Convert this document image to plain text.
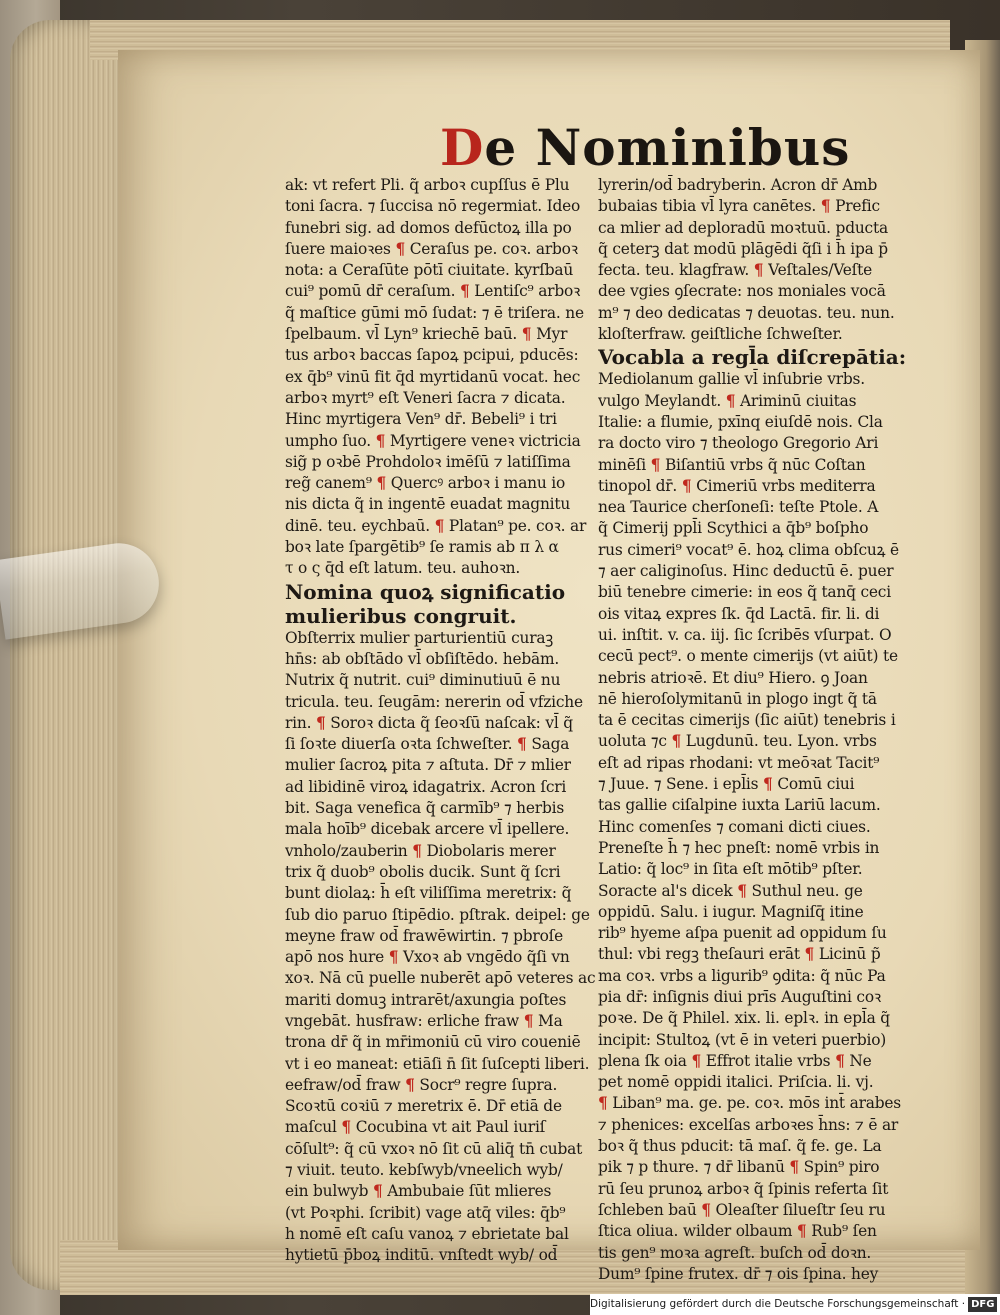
De Nominibus
ak: vt refert Pli. q̃ arboꝛ cupſſus ē Plu
toni ſacra. ⁊ ſuccisa nō regermiat. Ideo
funebri sig. ad domos defūctoꝝ illa po
ſuere maioꝛes ¶ Ceraſus pe. coꝛ. arboꝛ
nota: a Ceraſūte pōtī ciuitate. kyrſbaū
cui⁹ pomū dr̄ ceraſum. ¶ Lentiſc⁹ arboꝛ
q̃ maſtice gūmi mō ſudat: ⁊ ē triſera. ne
ſpelbaum. vl̄ Lyn⁹ kriechē baū. ¶ Myr
tus arboꝛ baccas ſapoꝝ pcipui, pducēs:
ex q̄b⁹ vinū fit q̄d myrtidanū vocat. hec
arboꝛ myrt⁹ eſt Veneri ſacra ⁊ dicata.
Hinc myrtigera Ven⁹ dr̄. Bebeli⁹ i tri
umpho ſuo. ¶ Myrtigere veneꝛ victricia
sig̃ p oꝛbē Prohdoloꝛ imēſū ⁊ latiſſima
reg̃ canem⁹ ¶ Quercꝰ arboꝛ i manu io
nis dicta q̃ in ingentē euadat magnitu
dinē. teu. eychbaū. ¶ Platan⁹ pe. coꝛ. ar
boꝛ late ſpargētib⁹ ſe ramis ab π λ α
τ ο ς q̄d eſt latum. teu. auhoꝛn.
Nomina quoꝝ significatio
mulieribus congruit.
Obſterrix mulier parturientiū curaꝫ
hn̄s: ab obſtādo vl̄ obſiſtēdo. hebām.
Nutrix q̃ nutrit. cui⁹ diminutiuū ē nu
tricula. teu. ſeugām: nererin od̄ vfziche
rin. ¶ Soroꝛ dicta q̃ ſeoꝛſū naſcak: vl̄ q̃
ſi ſoꝛte diuerſa oꝛta ſchweſter. ¶ Saga
mulier ſacroꝝ pita ⁊ aſtuta. Dr̄ ⁊ mlier
ad libidinē viroꝝ idagatrix. Acron ſcri
bit. Saga venefica q̃ carmīb⁹ ⁊ herbis
mala hoīb⁹ dicebak arcere vl̄ ipellere.
vnholo/zauberin ¶ Diobolaris merer
trix q̃ duob⁹ obolis ducik. Sunt q̃ ſcri
bunt diolaꝝ: h̄ eſt viliſſima meretrix: q̃
ſub dio paruo ſtipēdio. pſtrak. deipel: ge
meyne fraw od̄ frawēwirtin. ⁊ pbroſe
apō nos hure ¶ Vxoꝛ ab vngēdo q̃ſi vn
xoꝛ. Nā cū puelle nuberēt apō veteres ac
mariti domuꝫ intrarēt/axungia poſtes
vngebāt. husfraw: erliche fraw ¶ Ma
trona dr̄ q̃ in mr̄imoniū cū viro coueniē
vt i eo maneat: etiāſi n̄ ſit ſuſcepti liberi.
eefraw/od̄ fraw ¶ Socr⁹ regre ſupra.
Scoꝛtū coꝛiū ⁊ meretrix ē. Dr̄ etiā de
maſcul ¶ Cocubina vt ait Paul iuriſ
cōſult⁹: q̃ cū vxoꝛ nō ſit cū aliq̄ tn̄ cubat
⁊ viuit. teuto. kebſwyb/vneelich wyb/
ein bulwyb ¶ Ambubaie ſūt mlieres
(vt Poꝛphi. ſcribit) vage atq̄ viles: q̄b⁹
h nomē eſt caſu vanoꝝ ⁊ ebrietate bal
hytietū p̄boꝝ inditū. vnſtedt wyb/ od̄
lyrerin/od̄ badryberin. Acron dr̄ Amb
bubaias tibia vl̄ lyra canētes. ¶ Prefic
ca mlier ad deploradū moꝛtuū. pducta
q̃ ceterꝫ dat modū plāgēdi q̃ſi i h̄ ipa p̄
fecta. teu. klagfraw. ¶ Veſtales/Veſte
dee vgies ꝯſecrate: nos moniales vocā
m⁹ ⁊ deo dedicatas ⁊ deuotas. teu. nun.
kloſterfraw. geiſtliche ſchweſter.
Vocabla a regl̄a diſcrepātia:
Mediolanum gallie vl̄ inſubrie vrbs.
vulgo Meylandt. ¶ Ariminū ciuitas
Italie: a flumie, pxīnq eiuſdē nois. Cla
ra docto viro ⁊ theologo Gregorio Ari
minēſi ¶ Biſantiū vrbs q̃ nūc Coſtan
tinopol dr̄. ¶ Cimeriū vrbs mediterra
nea Taurice cherſoneſi: teſte Ptole. A
q̃ Cimerij ppl̄i Scythici a q̄b⁹ boſpho
rus cimeri⁹ vocat⁹ ē. hoꝝ clima obſcuꝝ ē
⁊ aer caliginoſus. Hinc deductū ē. puer
biū tenebre cimerie: in eos q̃ tanq̄ ceci
ois vitaꝝ expres ſk. q̄d Lactā. fir. li. di
ui. inſtit. v. ca. iij. ſic ſcribēs vſurpat. O
cecū pect⁹. o mente cimerijs (vt aiūt) te
nebris atrioꝛē. Et diu⁹ Hiero. ꝯ Joan
nē hieroſolymitanū in plogo ingt q̃ tā
ta ē cecitas cimerijs (ſic aiūt) tenebris i
uoluta ⁊c ¶ Lugdunū. teu. Lyon. vrbs
eſt ad ripas rhodani: vt meōꝛat Tacit⁹
⁊ Juue. ⁊ Sene. i epl̄is ¶ Comū ciui
tas gallie ciſalpine iuxta Lariū lacum.
Hinc comenſes ⁊ comani dicti ciues.
Preneſte h̄ ⁊ hec pneſt: nomē vrbis in
Latio: q̃ loc⁹ in ſita eſt mōtib⁹ pſter.
Soracte al's dicek ¶ Suthul neu. ge
oppidū. Salu. i iugur. Magniſq̄ itine
rib⁹ hyeme aſpa puenit ad oppidum ſu
thul: vbi regꝫ theſauri erāt ¶ Licinū p̃
ma coꝛ. vrbs a ligurib⁹ ꝯdita: q̃ nūc Pa
pia dr̄: inſignis diui prīs Auguſtini coꝛ
poꝛe. De q̃ Philel. xix. li. eplꝛ. in epl̄a q̃
incipit: Stultoꝝ (vt ē in veteri puerbio)
plena ſk oia ¶ Effrot italie vrbs ¶ Ne
pet nomē oppidi italici. Priſcia. li. vj.
¶ Liban⁹ ma. ge. pe. coꝛ. mōs int̄ arabes
⁊ phenices: excelſas arboꝛes h̄ns: ⁊ ē ar
boꝛ q̃ thus pducit: tā maſ. q̃ fe. ge. La
pik ⁊ p thure. ⁊ dr̄ libanū ¶ Spin⁹ piro
rū ſeu prunoꝝ arboꝛ q̃ ſpinis referta ſit
ſchleben baū ¶ Oleaſter ſilueſtr ſeu ru
ſtica oliua. wilder olbaum ¶ Rub⁹ ſen
tis gen⁹ moꝛa agreſt. buſch od̄ doꝛn.
Dum⁹ ſpine frutex. dr̄ ⁊ ois ſpina. hey
Digitalisierung gefördert durch die Deutsche Forschungsgemeinschaft · DFG
